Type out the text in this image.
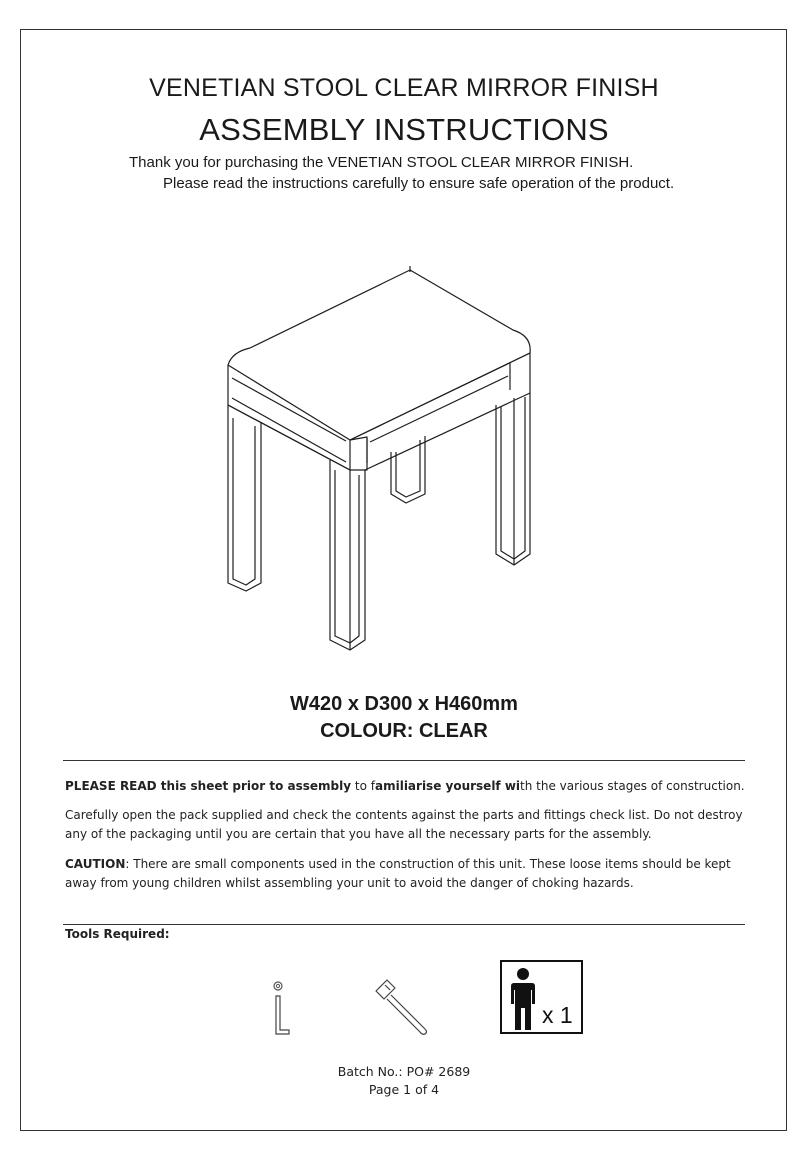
VENETIAN STOOL CLEAR MIRROR FINISH
ASSEMBLY INSTRUCTIONS
Thank you for purchasing the VENETIAN STOOL CLEAR MIRROR FINISH.
Please read the instructions carefully to ensure safe operation of the product.
W420 x D300 x H460mm
COLOUR: CLEAR
PLEASE READ this sheet prior to assembly to familiarise yourself with the various stages of construction.
Carefully open the pack supplied and check the contents against the parts and fittings check list. Do not destroy any of the packaging until you are certain that you have all the necessary parts for the assembly.
CAUTION: There are small components used in the construction of this unit. These loose items should be kept away from young children whilst assembling your unit to avoid the danger of choking hazards.
Tools Required:
x 1
Batch No.: PO# 2689
Page 1 of 4
